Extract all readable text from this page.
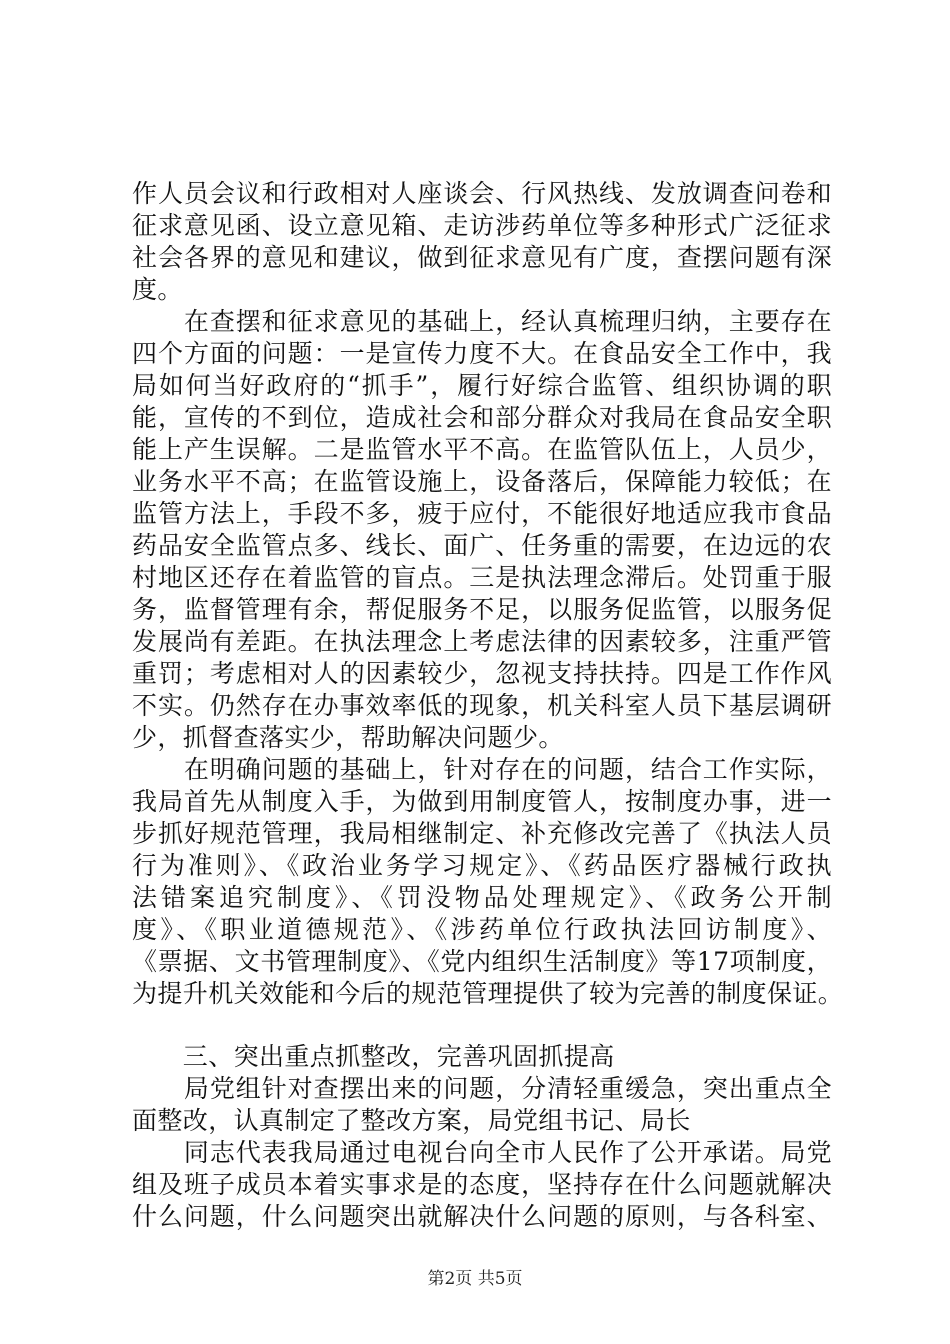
作人员会议和行政相对人座谈会、行风热线、发放调查问卷和
征求意见函、设立意见箱、走访涉药单位等多种形式广泛征求
社会各界的意见和建议，做到征求意见有广度，查摆问题有深
度。
　　在查摆和征求意见的基础上，经认真梳理归纳，主要存在
四个方面的问题：一是宣传力度不大。在食品安全工作中，我
局如何当好政府的“抓手”，履行好综合监管、组织协调的职
能，宣传的不到位，造成社会和部分群众对我局在食品安全职
能上产生误解。二是监管水平不高。在监管队伍上，人员少，
业务水平不高；在监管设施上，设备落后，保障能力较低；在
监管方法上，手段不多，疲于应付，不能很好地适应我市食品
药品安全监管点多、线长、面广、任务重的需要，在边远的农
村地区还存在着监管的盲点。三是执法理念滞后。处罚重于服
务，监督管理有余，帮促服务不足，以服务促监管，以服务促
发展尚有差距。在执法理念上考虑法律的因素较多，注重严管
重罚；考虑相对人的因素较少，忽视支持扶持。四是工作作风
不实。仍然存在办事效率低的现象，机关科室人员下基层调研
少，抓督查落实少，帮助解决问题少。
　　在明确问题的基础上，针对存在的问题，结合工作实际，
我局首先从制度入手，为做到用制度管人，按制度办事，进一
步抓好规范管理，我局相继制定、补充修改完善了《执法人员
行为准则》、《政治业务学习规定》、《药品医疗器械行政执
法错案追究制度》、《罚没物品处理规定》、《政务公开制
度》、《职业道德规范》、《涉药单位行政执法回访制度》、
《票据、文书管理制度》、《党内组织生活制度》等17项制度，
为提升机关效能和今后的规范管理提供了较为完善的制度保证。
　　三、突出重点抓整改，完善巩固抓提高
　　局党组针对查摆出来的问题，分清轻重缓急，突出重点全
面整改，认真制定了整改方案，局党组书记、局长
　　同志代表我局通过电视台向全市人民作了公开承诺。局党
组及班子成员本着实事求是的态度，坚持存在什么问题就解决
什么问题，什么问题突出就解决什么问题的原则，与各科室、
第2页 共5页
